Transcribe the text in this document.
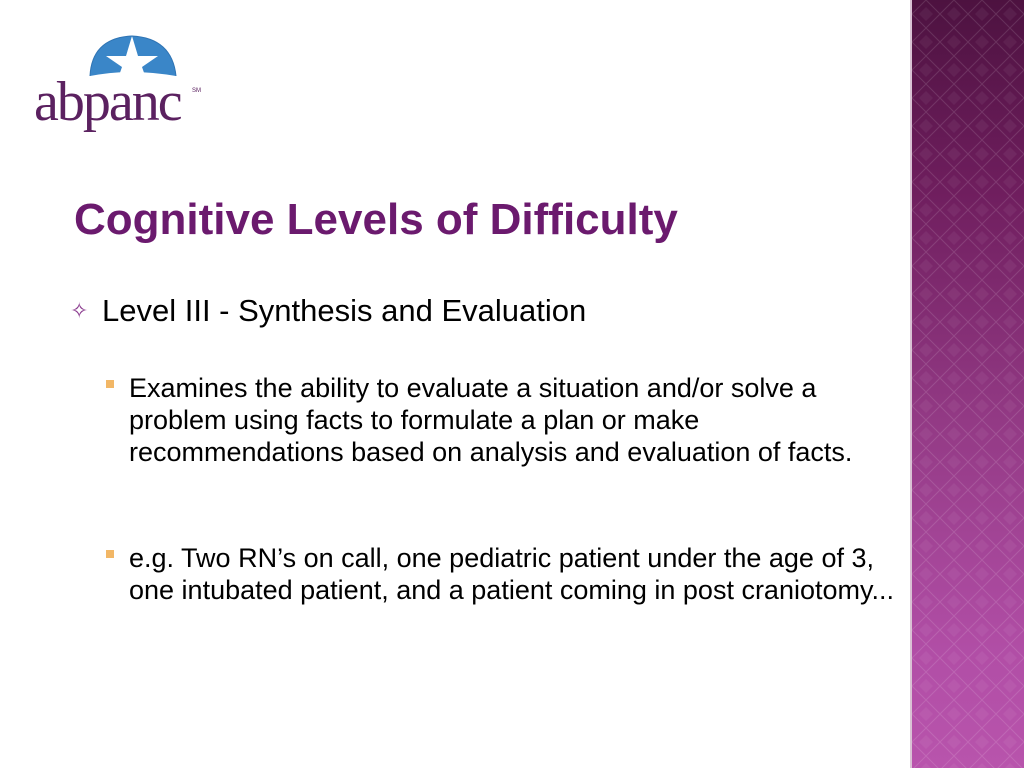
abpanc SM
Cognitive Levels of Difficulty
✧ Level III - Synthesis and Evaluation
Examines the ability to evaluate a situation and/or solve a problem using facts to formulate a plan or make recommendations based on analysis and evaluation of facts.
e.g. Two RN’s on call, one pediatric patient under the age of 3, one intubated patient, and a patient coming in post craniotomy...
